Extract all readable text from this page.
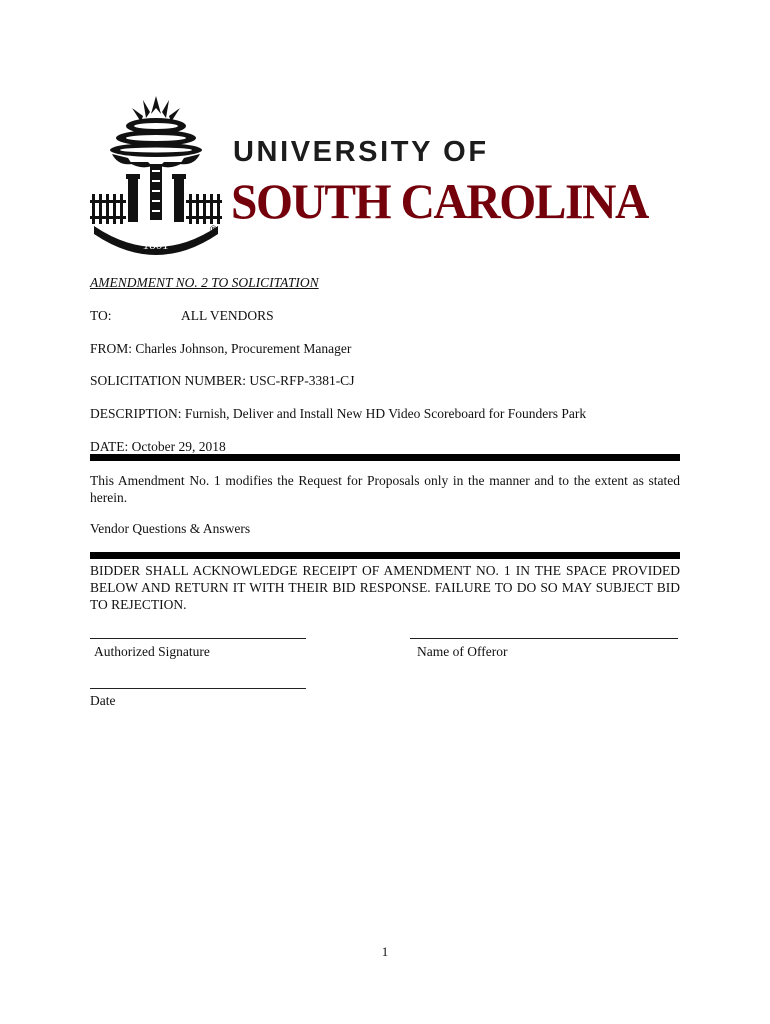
1801
®
UNIVERSITY OF
SOUTH CAROLINA
AMENDMENT NO. 2 TO SOLICITATION
TO:	ALL VENDORS
FROM: Charles Johnson, Procurement Manager
SOLICITATION NUMBER: USC-RFP-3381-CJ
DESCRIPTION: Furnish, Deliver and Install New HD Video Scoreboard for Founders Park
DATE: October 29, 2018
This Amendment No. 1 modifies the Request for Proposals only in the manner and to the extent as stated herein.
Vendor Questions & Answers
BIDDER SHALL ACKNOWLEDGE RECEIPT OF AMENDMENT NO. 1 IN THE SPACE PROVIDED BELOW AND RETURN IT WITH THEIR BID RESPONSE. FAILURE TO DO SO MAY SUBJECT BID TO REJECTION.
Authorized Signature	Name of Offeror
Date
1
